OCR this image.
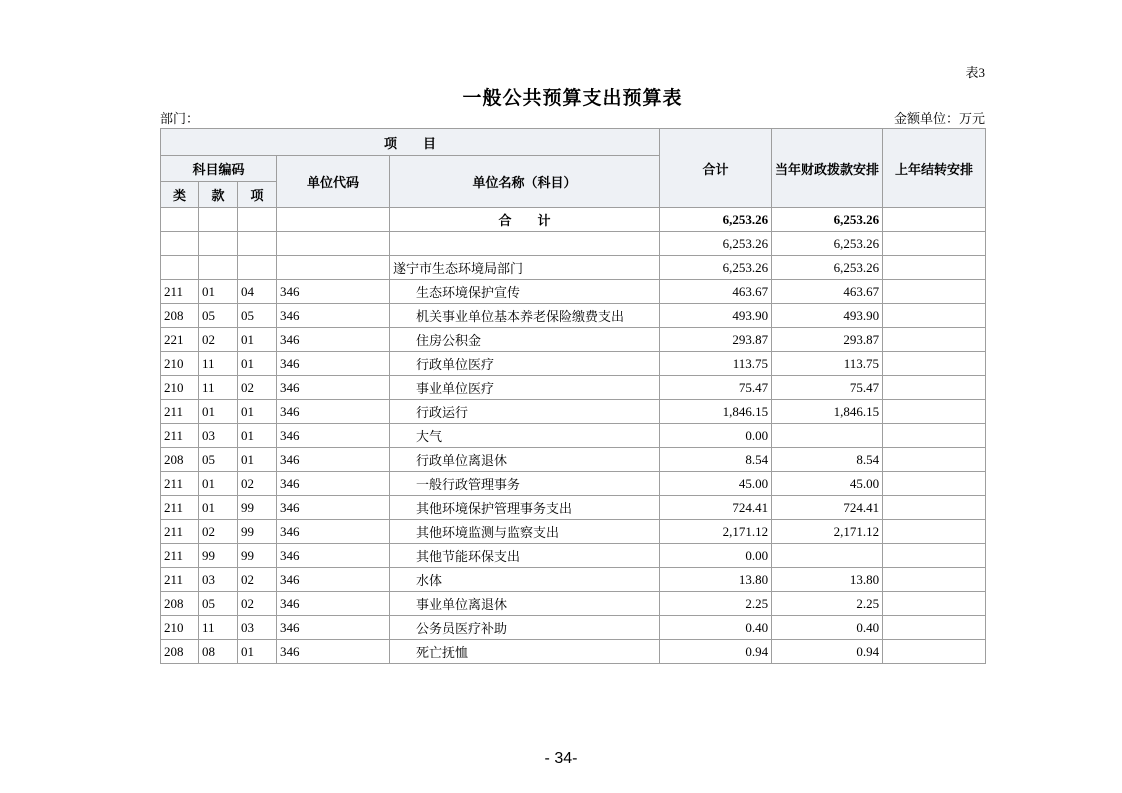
表3
一般公共预算支出预算表
部门：	金额单位：万元
项　　目					合计	当年财政拨款安排	上年结转安排
科目编码			单位代码	单位名称（科目）			
类	款	项					
				合　　计	6,253.26	6,253.26	
					6,253.26	6,253.26	
				遂宁市生态环境局部门	6,253.26	6,253.26	
211	01	04	346	生态环境保护宣传	463.67	463.67	
208	05	05	346	机关事业单位基本养老保险缴费支出	493.90	493.90	
221	02	01	346	住房公积金	293.87	293.87	
210	11	01	346	行政单位医疗	113.75	113.75	
210	11	02	346	事业单位医疗	75.47	75.47	
211	01	01	346	行政运行	1,846.15	1,846.15	
211	03	01	346	大气	0.00		
208	05	01	346	行政单位离退休	8.54	8.54	
211	01	02	346	一般行政管理事务	45.00	45.00	
211	01	99	346	其他环境保护管理事务支出	724.41	724.41	
211	02	99	346	其他环境监测与监察支出	2,171.12	2,171.12	
211	99	99	346	其他节能环保支出	0.00		
211	03	02	346	水体	13.80	13.80	
208	05	02	346	事业单位离退休	2.25	2.25	
210	11	03	346	公务员医疗补助	0.40	0.40	
208	08	01	346	死亡抚恤	0.94	0.94	
- 34-
